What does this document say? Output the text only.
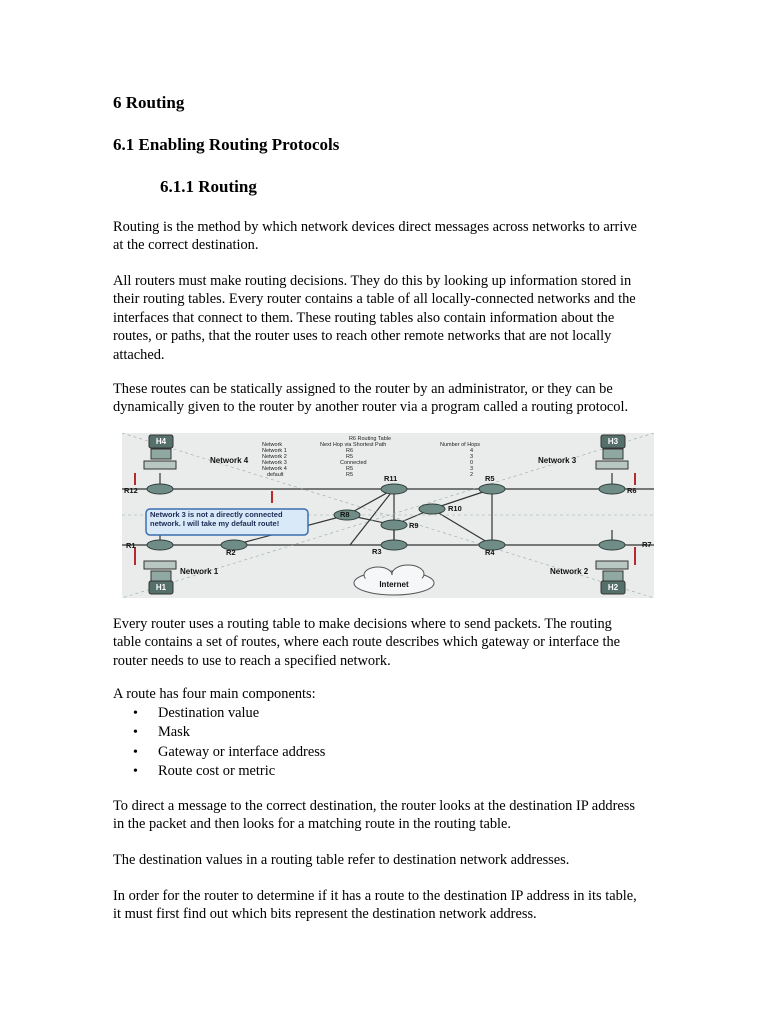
6 Routing
6.1 Enabling Routing Protocols
6.1.1 Routing

Routing is the method by which network devices direct messages across networks to arrive at the correct destination.

All routers must make routing decisions. They do this by looking up information stored in their routing tables. Every router contains a table of all locally-connected networks and the interfaces that connect to them. These routing tables also contain information about the routes, or paths, that the router uses to reach other remote networks that are not locally attached.

These routes can be statically assigned to the router by an administrator, or they can be dynamically given to the router by another router via a program called a routing protocol.

R6 Routing Table
Network	Next Hop via Shortest Path	Number of Hops
Network 1	R6	4
Network 2	R5	3
Network 3	Connected	0
Network 4	R5	3
default	R5	2
H4	H3
H1	H2
Network 4	Network 3
Network 1	Network 2
R12	R6
R1	R7
R2
R11	R5
R8
R9
R10
R3	R4
Network 3 is not a directly connected network. I will take my default route!
Internet

Every router uses a routing table to make decisions where to send packets. The routing table contains a set of routes, where each route describes which gateway or interface the router needs to use to reach a specified network.

A route has four main components:

• Destination value
• Mask
• Gateway or interface address
• Route cost or metric

To direct a message to the correct destination, the router looks at the destination IP address in the packet and then looks for a matching route in the routing table.

The destination values in a routing table refer to destination network addresses.

In order for the router to determine if it has a route to the destination IP address in its table, it must first find out which bits represent the destination network address.
